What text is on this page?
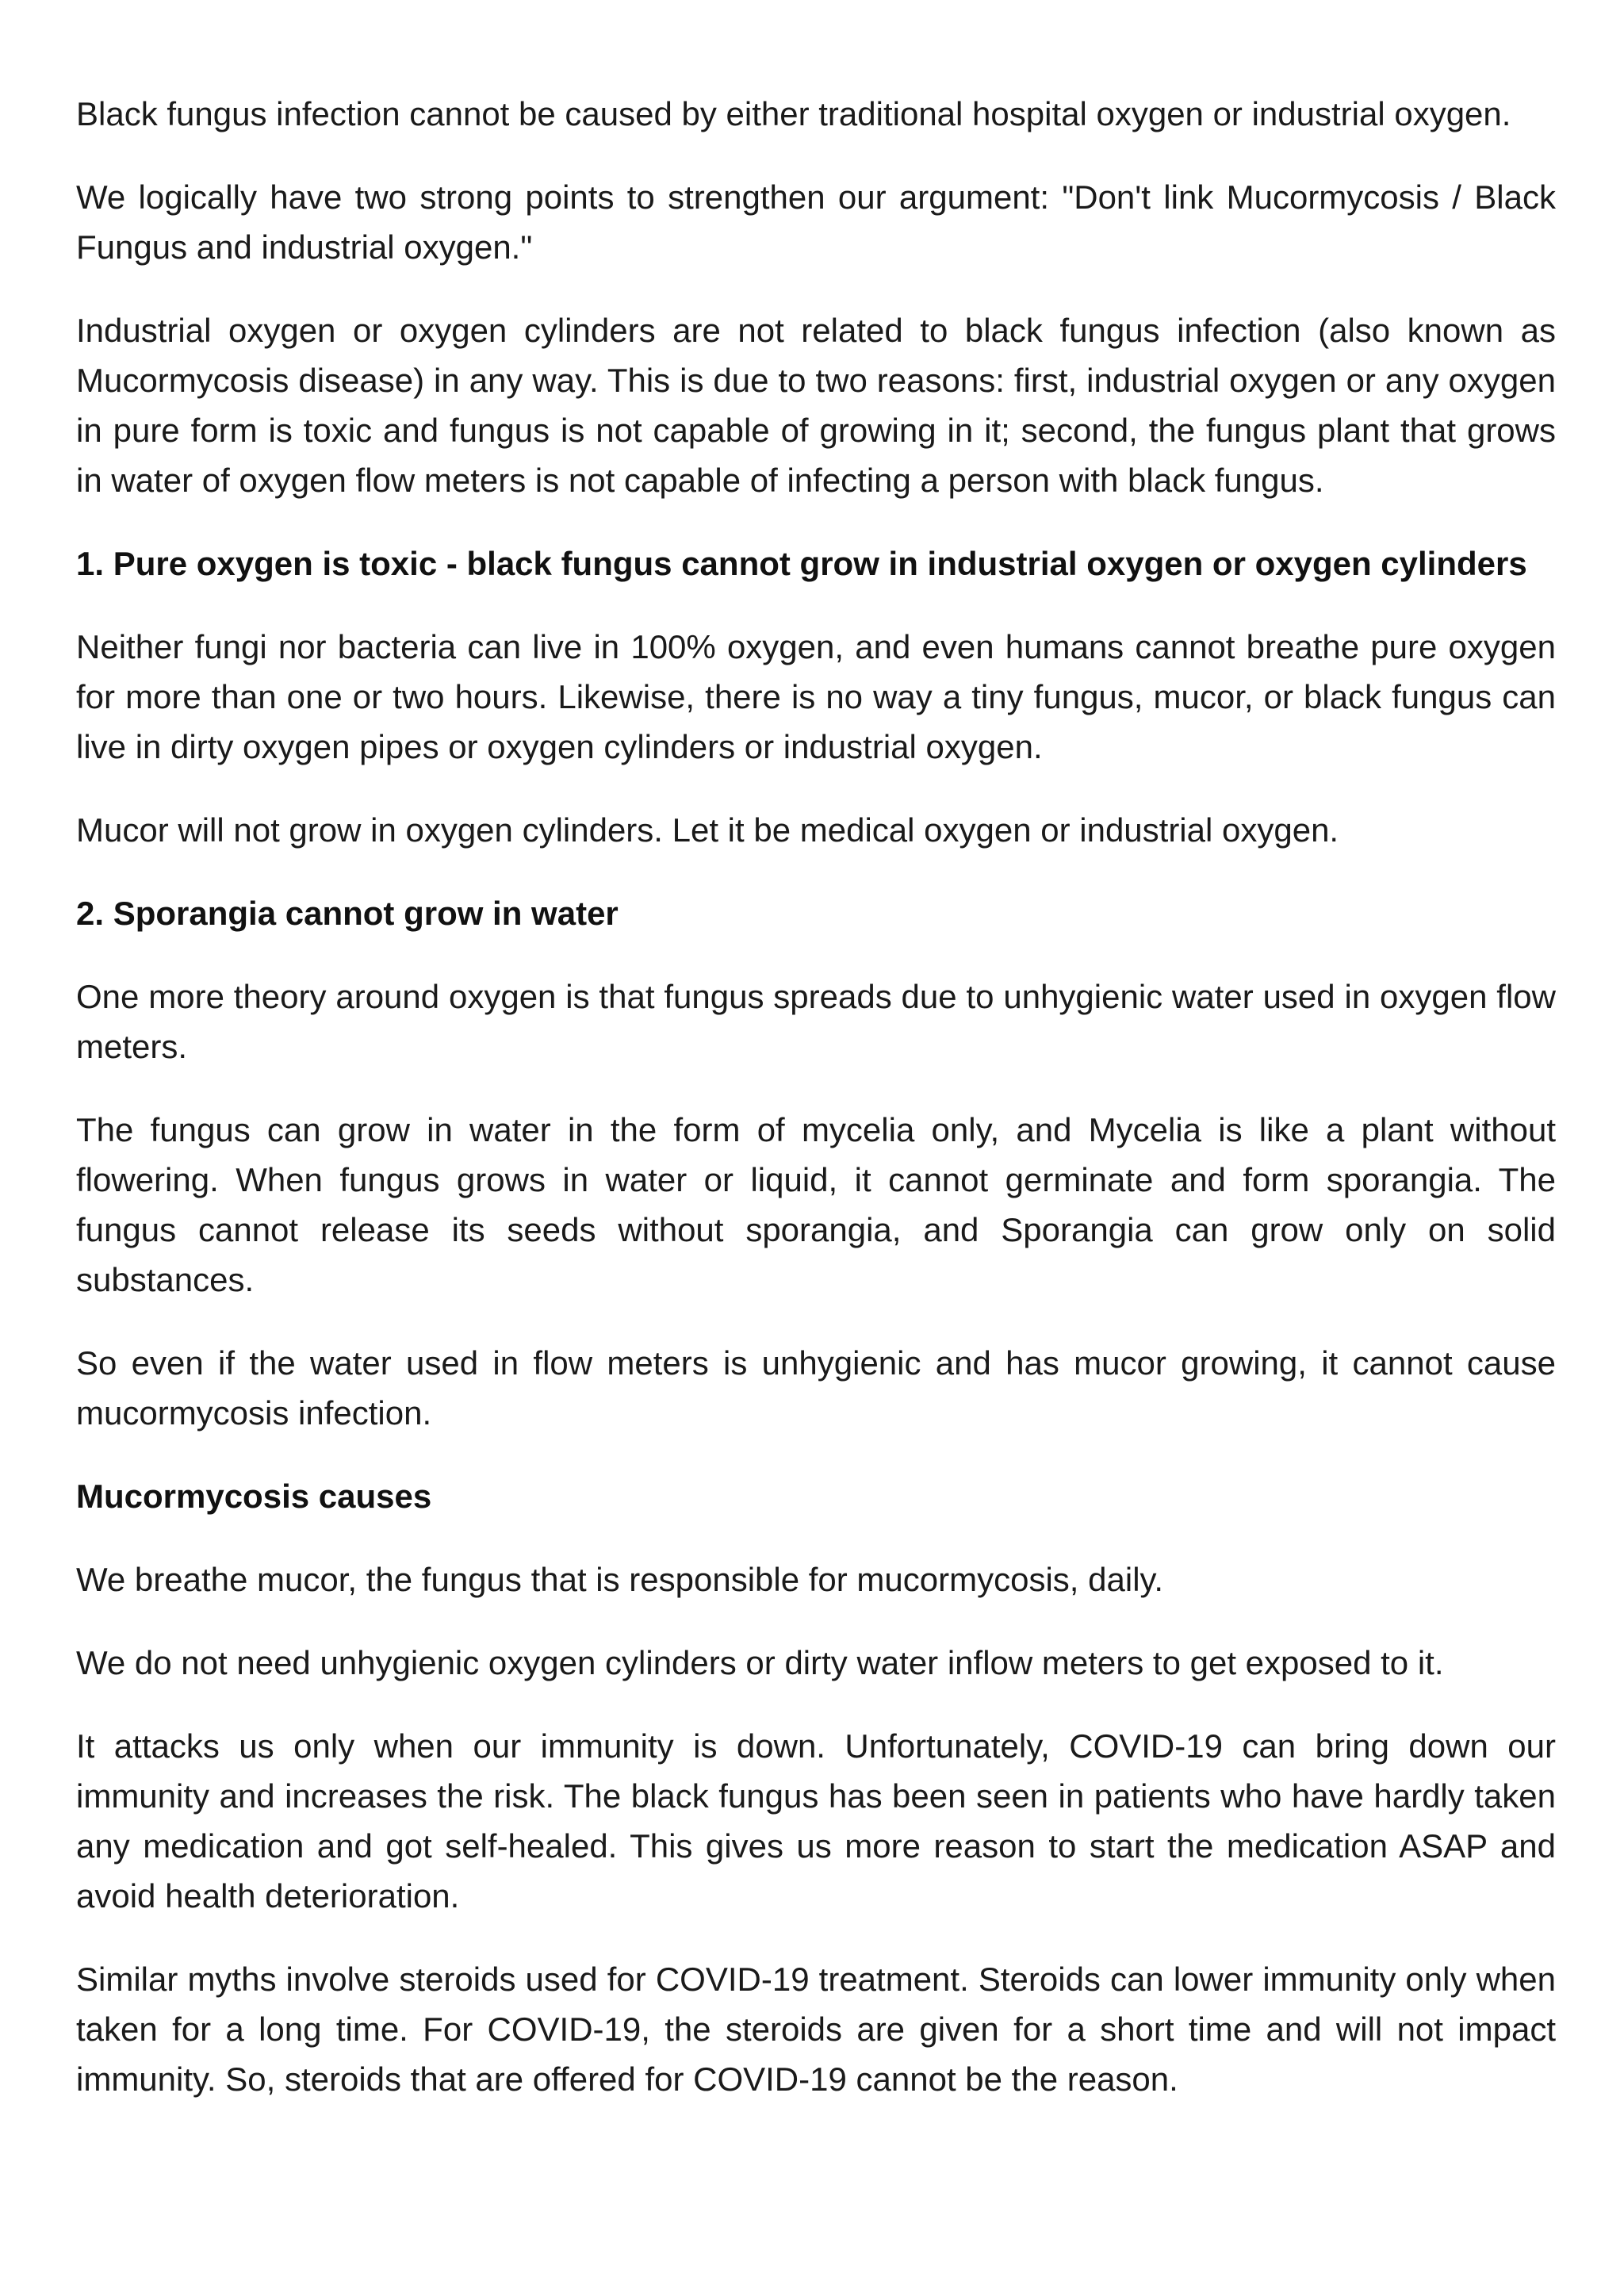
Black fungus infection cannot be caused by either traditional hospital oxygen or industrial oxygen.

We logically have two strong points to strengthen our argument: "Don't link Mucormycosis / Black Fungus and industrial oxygen."

Industrial oxygen or oxygen cylinders are not related to black fungus infection (also known as Mucormycosis disease) in any way. This is due to two reasons: first, industrial oxygen or any oxygen in pure form is toxic and fungus is not capable of growing in it; second, the fungus plant that grows in water of oxygen flow meters is not capable of infecting a person with black fungus.

1. Pure oxygen is toxic - black fungus cannot grow in industrial oxygen or oxygen cylinders

Neither fungi nor bacteria can live in 100% oxygen, and even humans cannot breathe pure oxygen for more than one or two hours. Likewise, there is no way a tiny fungus, mucor, or black fungus can live in dirty oxygen pipes or oxygen cylinders or industrial oxygen.

Mucor will not grow in oxygen cylinders. Let it be medical oxygen or industrial oxygen.

2. Sporangia cannot grow in water

One more theory around oxygen is that fungus spreads due to unhygienic water used in oxygen flow meters.

The fungus can grow in water in the form of mycelia only, and Mycelia is like a plant without flowering. When fungus grows in water or liquid, it cannot germinate and form sporangia. The fungus cannot release its seeds without sporangia, and Sporangia can grow only on solid substances.

So even if the water used in flow meters is unhygienic and has mucor growing, it cannot cause mucormycosis infection.

Mucormycosis causes

We breathe mucor, the fungus that is responsible for mucormycosis, daily.

We do not need unhygienic oxygen cylinders or dirty water inflow meters to get exposed to it.

It attacks us only when our immunity is down. Unfortunately, COVID-19 can bring down our immunity and increases the risk. The black fungus has been seen in patients who have hardly taken any medication and got self-healed. This gives us more reason to start the medication ASAP and avoid health deterioration.

Similar myths involve steroids used for COVID-19 treatment. Steroids can lower immunity only when taken for a long time. For COVID-19, the steroids are given for a short time and will not impact immunity. So, steroids that are offered for COVID-19 cannot be the reason.
